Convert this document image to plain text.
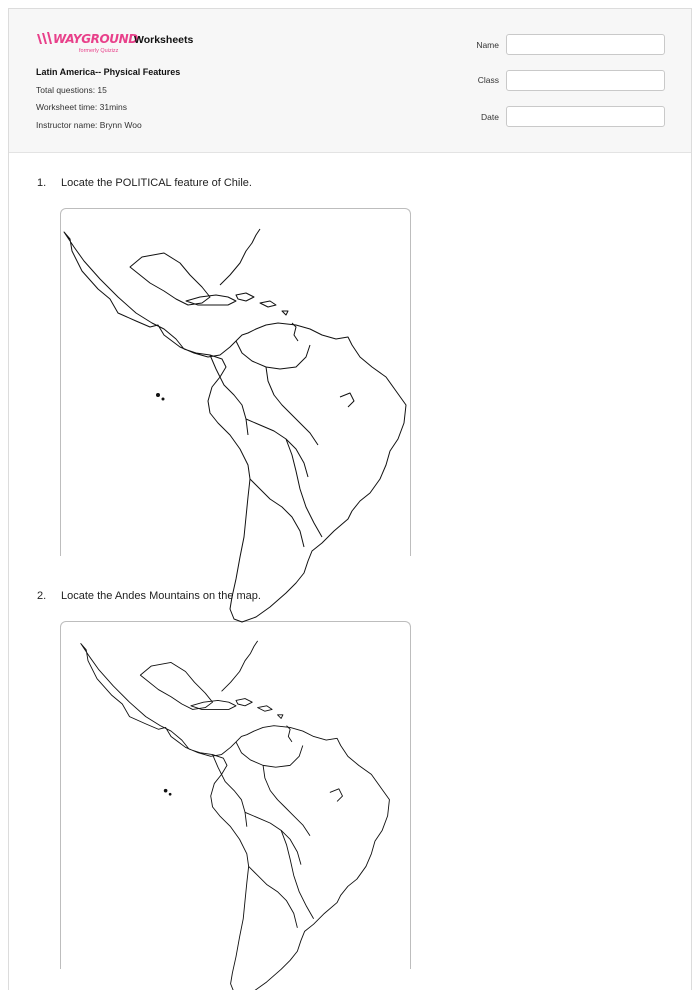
WAYGROUND
formerly Quizizz
Worksheets
Latin America-- Physical Features
Total questions: 15
Worksheet time: 31mins
Instructor name: Brynn Woo
Name
Class
Date
1. Locate the POLITICAL feature of Chile.
2. Locate the Andes Mountains on the map.
